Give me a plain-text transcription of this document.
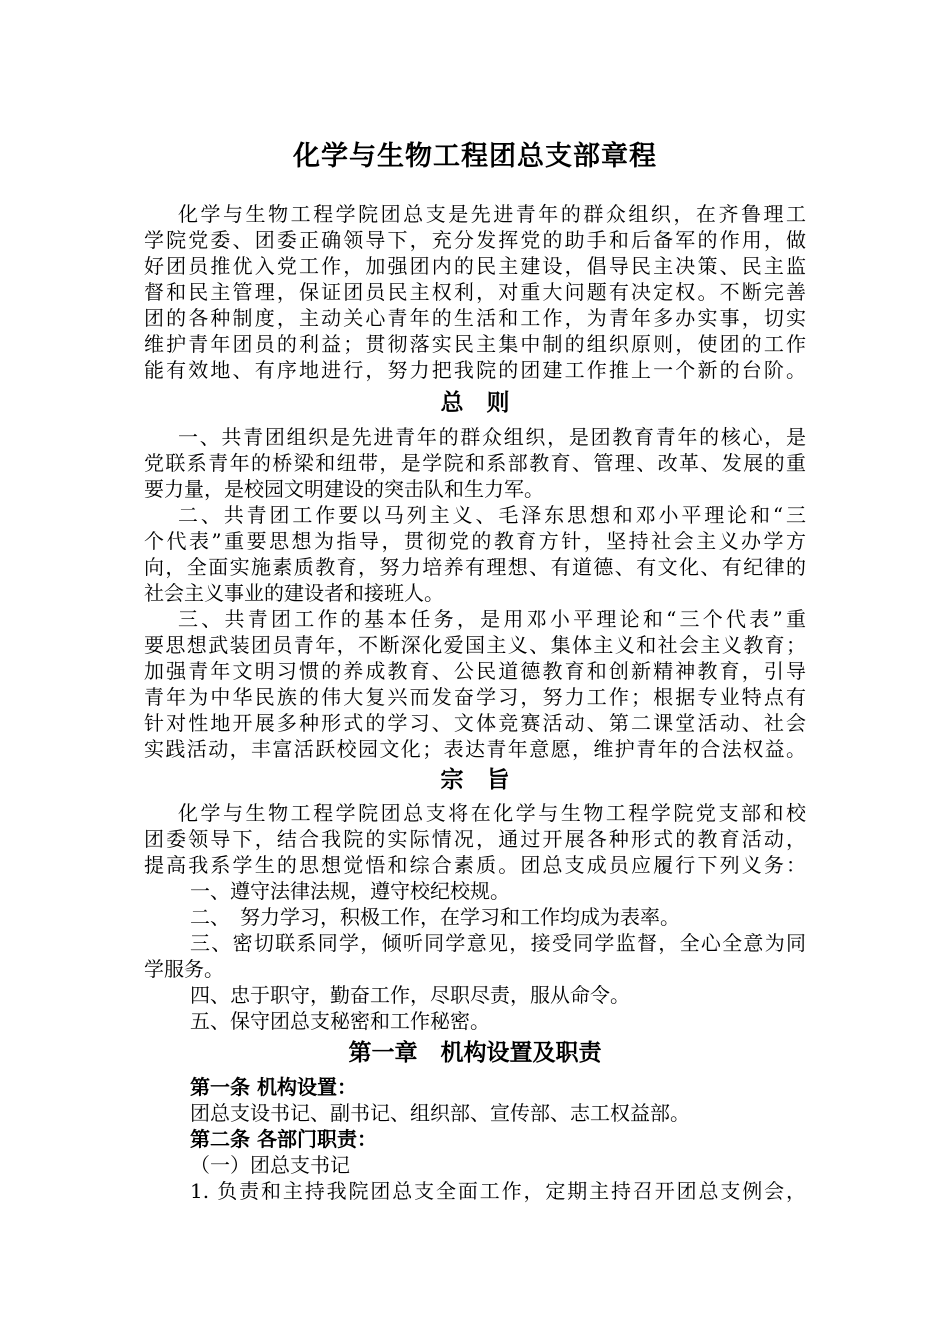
化学与生物工程团总支部章程
化学与生物工程学院团总支是先进青年的群众组织，在齐鲁理工
学院党委、团委正确领导下，充分发挥党的助手和后备军的作用，做
好团员推优入党工作，加强团内的民主建设，倡导民主决策、民主监
督和民主管理，保证团员民主权利，对重大问题有决定权。不断完善
团的各种制度，主动关心青年的生活和工作，为青年多办实事，切实
维护青年团员的利益；贯彻落实民主集中制的组织原则，使团的工作
能有效地、有序地进行，努力把我院的团建工作推上一个新的台阶。
总　则
一、共青团组织是先进青年的群众组织，是团教育青年的核心，是
党联系青年的桥梁和纽带，是学院和系部教育、管理、改革、发展的重
要力量，是校园文明建设的突击队和生力军。
二、共青团工作要以马列主义、毛泽东思想和邓小平理论和“三
个代表”重要思想为指导，贯彻党的教育方针，坚持社会主义办学方
向，全面实施素质教育，努力培养有理想、有道德、有文化、有纪律的
社会主义事业的建设者和接班人。
三、共青团工作的基本任务，是用邓小平理论和“三个代表”重
要思想武装团员青年，不断深化爱国主义、集体主义和社会主义教育；
加强青年文明习惯的养成教育、公民道德教育和创新精神教育，引导
青年为中华民族的伟大复兴而发奋学习，努力工作；根据专业特点有
针对性地开展多种形式的学习、文体竞赛活动、第二课堂活动、社会
实践活动，丰富活跃校园文化；表达青年意愿，维护青年的合法权益。
宗　旨
化学与生物工程学院团总支将在化学与生物工程学院党支部和校
团委领导下，结合我院的实际情况，通过开展各种形式的教育活动，
提高我系学生的思想觉悟和综合素质。团总支成员应履行下列义务：
一、遵守法律法规，遵守校纪校规。
二、　努力学习，积极工作，在学习和工作均成为表率。
三、密切联系同学，倾听同学意见，接受同学监督，全心全意为同
学服务。
四、忠于职守，勤奋工作，尽职尽责，服从命令。
五、保守团总支秘密和工作秘密。
第一章　机构设置及职责
第一条 机构设置：
团总支设书记、副书记、组织部、宣传部、志工权益部。
第二条 各部门职责：
（一）团总支书记
1. 负责和主持我院团总支全面工作，定期主持召开团总支例会，
